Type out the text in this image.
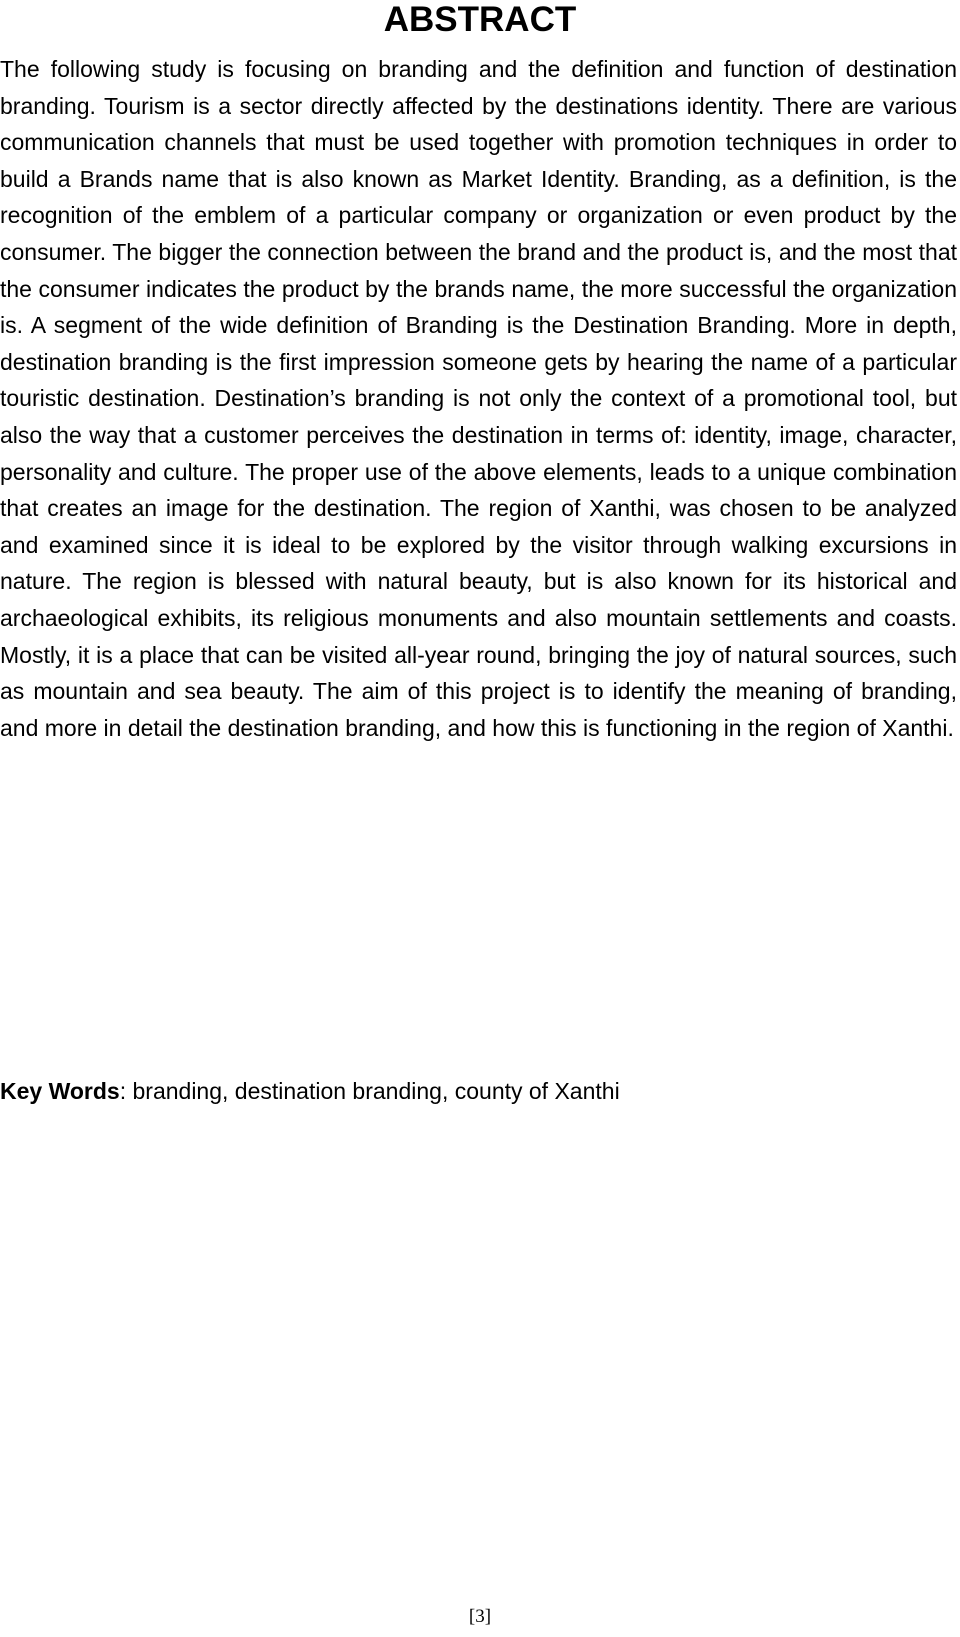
ABSTRACT

The following study is focusing on branding and the definition and function of destination branding. Tourism is a sector directly affected by the destinations identity. There are various communication channels that must be used together with promotion techniques in order to build a Brands name that is also known as Market Identity. Branding, as a definition, is the recognition of the emblem of a particular company or organization or even product by the consumer. The bigger the connection between the brand and the product is, and the most that the consumer indicates the product by the brands name, the more successful the organization is. A segment of the wide definition of Branding is the Destination Branding. More in depth, destination branding is the first impression someone gets by hearing the name of a particular touristic destination. Destination’s branding is not only the context of a promotional tool, but also the way that a customer perceives the destination in terms of: identity, image, character, personality and culture. The proper use of the above elements, leads to a unique combination that creates an image for the destination. The region of Xanthi, was chosen to be analyzed and examined since it is ideal to be explored by the visitor through walking excursions in nature. The region is blessed with natural beauty, but is also known for its historical and archaeological exhibits, its religious monuments and also mountain settlements and coasts. Mostly, it is a place that can be visited all-year round, bringing the joy of natural sources, such as mountain and sea beauty. The aim of this project is to identify the meaning of branding, and more in detail the destination branding, and how this is functioning in the region of Xanthi.

Key Words: branding, destination branding, county of Xanthi

[3]
